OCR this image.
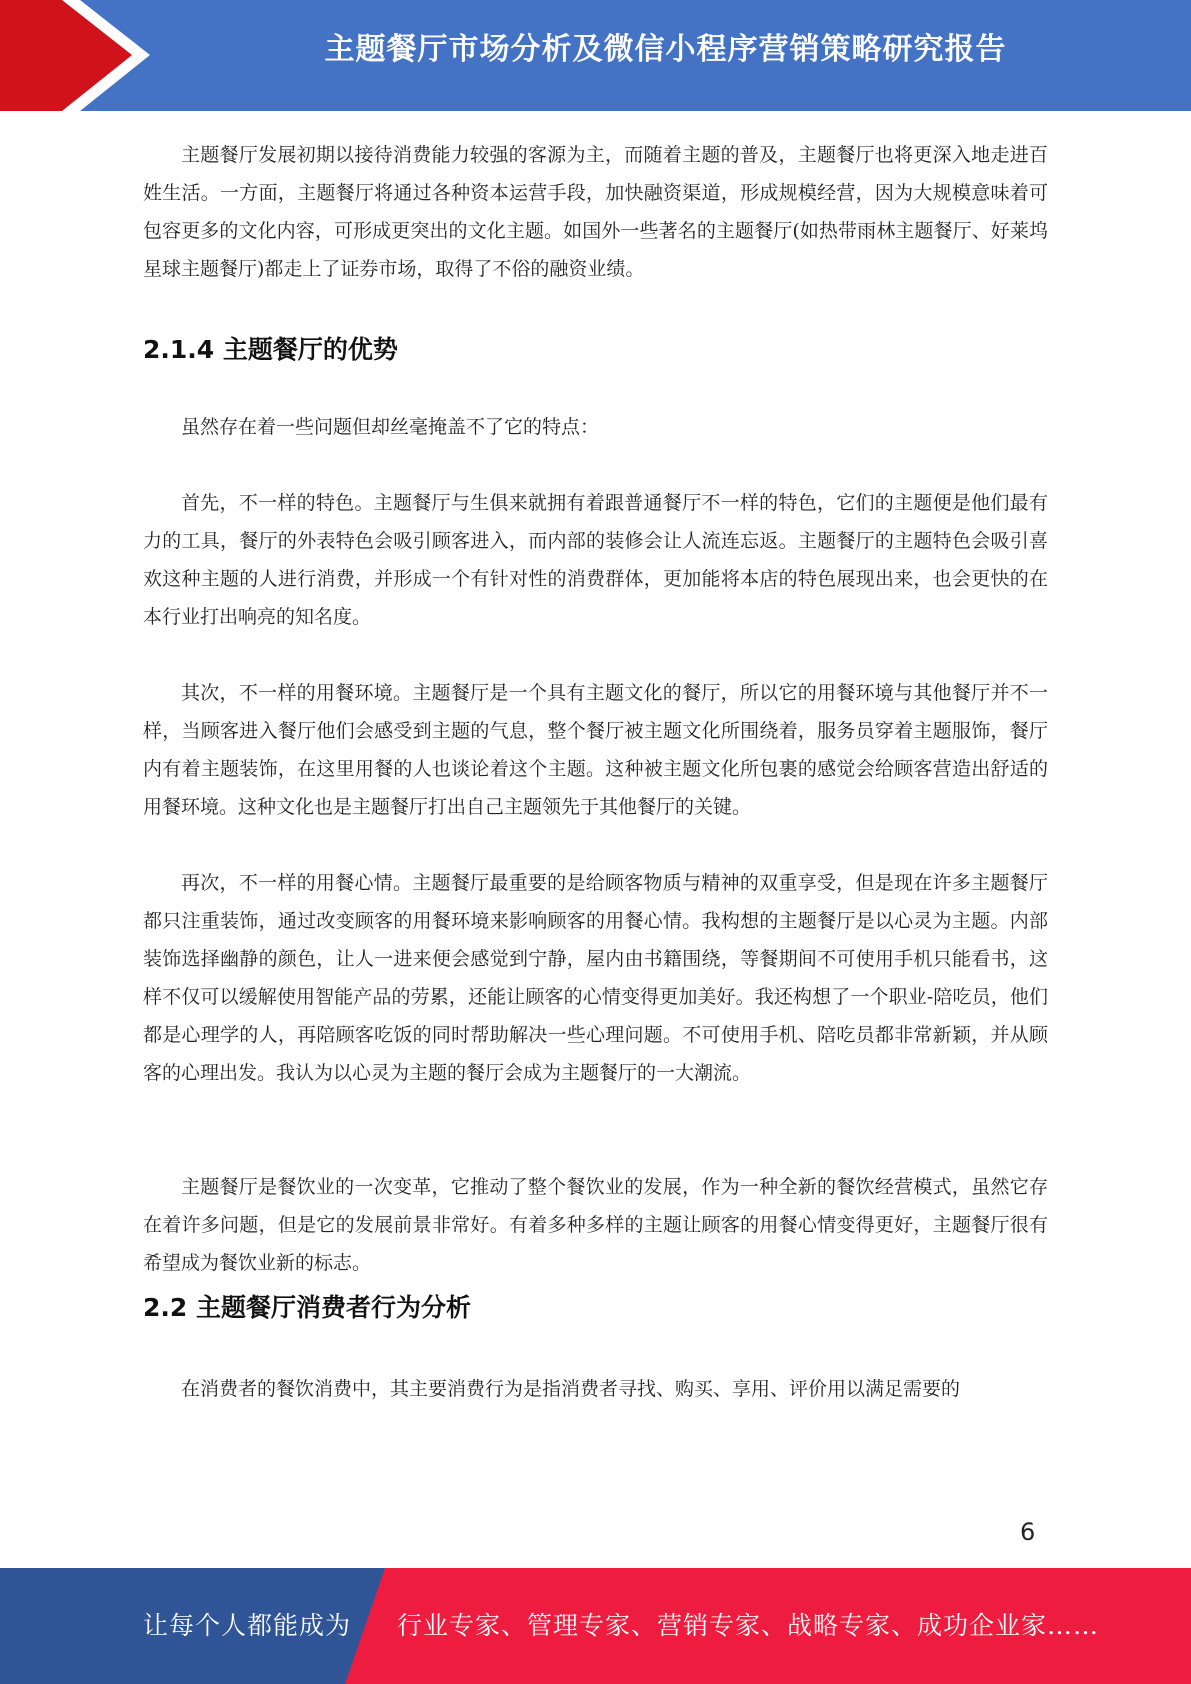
主题餐厅市场分析及微信小程序营销策略研究报告

主题餐厅发展初期以接待消费能力较强的客源为主，而随着主题的普及，主题餐厅也将更深入地走进百姓生活。一方面，主题餐厅将通过各种资本运营手段，加快融资渠道，形成规模经营，因为大规模意味着可包容更多的文化内容，可形成更突出的文化主题。如国外一些著名的主题餐厅(如热带雨林主题餐厅、好莱坞星球主题餐厅)都走上了证券市场，取得了不俗的融资业绩。

2.1.4 主题餐厅的优势

虽然存在着一些问题但却丝毫掩盖不了它的特点：

首先，不一样的特色。主题餐厅与生俱来就拥有着跟普通餐厅不一样的特色，它们的主题便是他们最有力的工具，餐厅的外表特色会吸引顾客进入，而内部的装修会让人流连忘返。主题餐厅的主题特色会吸引喜欢这种主题的人进行消费，并形成一个有针对性的消费群体，更加能将本店的特色展现出来，也会更快的在本行业打出响亮的知名度。

其次，不一样的用餐环境。主题餐厅是一个具有主题文化的餐厅，所以它的用餐环境与其他餐厅并不一样，当顾客进入餐厅他们会感受到主题的气息，整个餐厅被主题文化所围绕着，服务员穿着主题服饰，餐厅内有着主题装饰，在这里用餐的人也谈论着这个主题。这种被主题文化所包裹的感觉会给顾客营造出舒适的用餐环境。这种文化也是主题餐厅打出自己主题领先于其他餐厅的关键。

再次，不一样的用餐心情。主题餐厅最重要的是给顾客物质与精神的双重享受，但是现在许多主题餐厅都只注重装饰，通过改变顾客的用餐环境来影响顾客的用餐心情。我构想的主题餐厅是以心灵为主题。内部装饰选择幽静的颜色，让人一进来便会感觉到宁静，屋内由书籍围绕，等餐期间不可使用手机只能看书，这样不仅可以缓解使用智能产品的劳累，还能让顾客的心情变得更加美好。我还构想了一个职业-陪吃员，他们都是心理学的人，再陪顾客吃饭的同时帮助解决一些心理问题。不可使用手机、陪吃员都非常新颖，并从顾客的心理出发。我认为以心灵为主题的餐厅会成为主题餐厅的一大潮流。

主题餐厅是餐饮业的一次变革，它推动了整个餐饮业的发展，作为一种全新的餐饮经营模式，虽然它存在着许多问题，但是它的发展前景非常好。有着多种多样的主题让顾客的用餐心情变得更好，主题餐厅很有希望成为餐饮业新的标志。

2.2 主题餐厅消费者行为分析

在消费者的餐饮消费中，其主要消费行为是指消费者寻找、购买、享用、评价用以满足需要的

6
让每个人都能成为 行业专家、管理专家、营销专家、战略专家、成功企业家……
